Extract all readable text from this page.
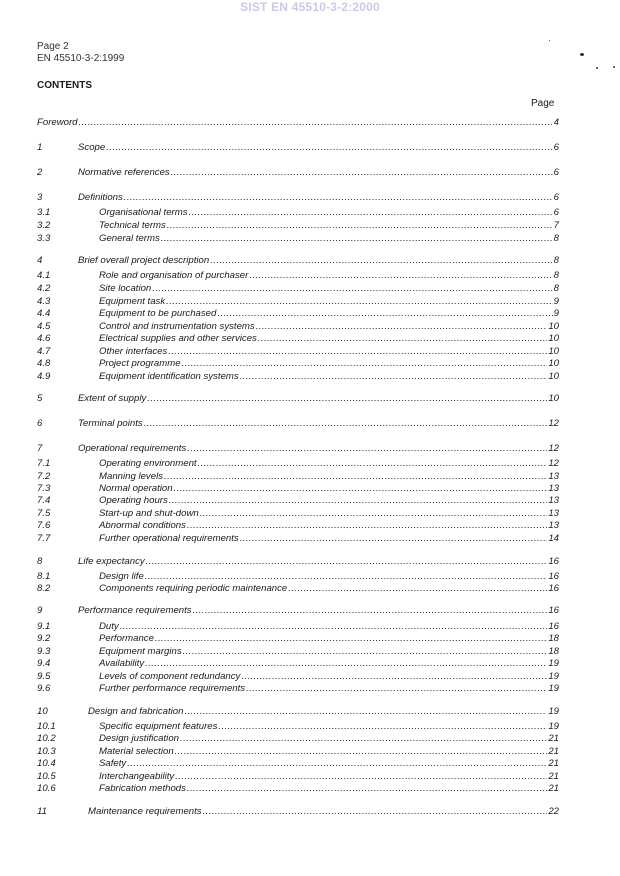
SIST EN 45510-3-2:2000
Page 2
EN 45510-3-2:1999
CONTENTS
Page
Foreword .....	4
1	Scope .....	6
2	Normative references .....	6
3	Definitions .....	6
3.1	Organisational terms .....	6
3.2	Technical terms .....	7
3.3	General terms .....	8
4	Brief overall project description .....	8
4.1	Role and organisation of purchaser .....	8
4.2	Site location .....	8
4.3	Equipment task .....	9
4.4	Equipment to be purchased .....	9
4.5	Control and instrumentation systems .....	10
4.6	Electrical supplies and other services .....	10
4.7	Other interfaces .....	10
4.8	Project programme .....	10
4.9	Equipment identification systems .....	10
5	Extent of supply .....	10
6	Terminal points .....	12
7	Operational requirements .....	12
7.1	Operating environment .....	12
7.2	Manning levels .....	13
7.3	Normal operation .....	13
7.4	Operating hours .....	13
7.5	Start-up and shut-down .....	13
7.6	Abnormal conditions .....	13
7.7	Further operational requirements .....	14
8	Life expectancy .....	16
8.1	Design life .....	16
8.2	Components requiring periodic maintenance .....	16
9	Performance requirements .....	16
9.1	Duty .....	16
9.2	Performance .....	18
9.3	Equipment margins .....	18
9.4	Availability .....	19
9.5	Levels of component redundancy .....	19
9.6	Further performance requirements .....	19
10	Design and fabrication .....	19
10.1	Specific equipment features .....	19
10.2	Design justification .....	21
10.3	Material selection .....	21
10.4	Safety .....	21
10.5	Interchangeability .....	21
10.6	Fabrication methods .....	21
11	Maintenance requirements .....	22
